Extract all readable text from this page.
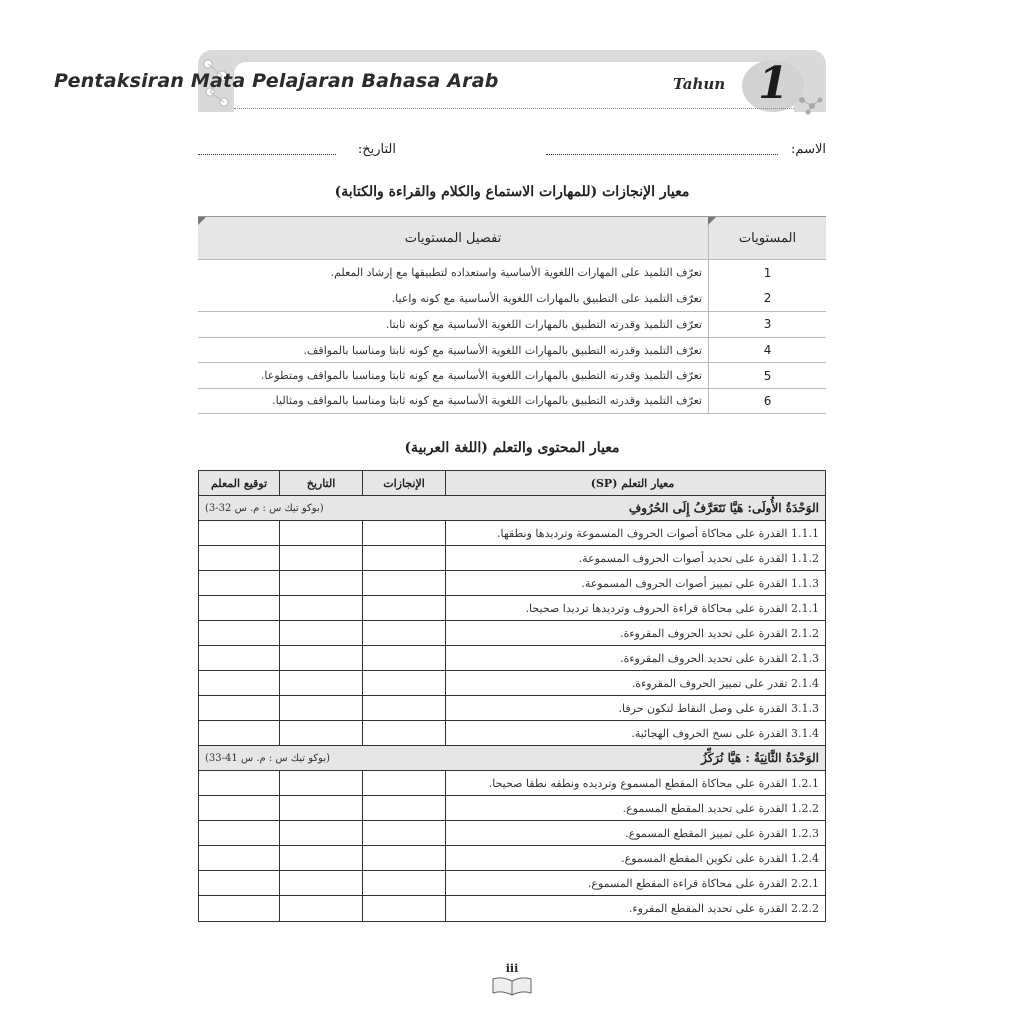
Pentaksiran Mata Pelajaran Bahasa Arab	Tahun 1
الاسم:
التاريخ:
معيار الإنجازات (للمهارات الاستماع والكلام والقراءة والكتابة)
المستويات
تفصيل المستويات
1
تعرّف التلميذ على المهارات اللغوية الأساسية واستعداده لتطبيقها مع إرشاد المعلم.
2
تعرّف التلميذ على التطبيق بالمهارات اللغوية الأساسية مع كونه واعيا.
3
تعرّف التلميذ وقدرته التطبيق بالمهارات اللغوية الأساسية مع كونه ثابتا.
4
تعرّف التلميذ وقدرته التطبيق بالمهارات اللغوية الأساسية مع كونه ثابتا ومناسبا بالمواقف.
5
تعرّف التلميذ وقدرته التطبيق بالمهارات اللغوية الأساسية مع كونه ثابتا ومناسبا بالمواقف ومتطوعا.
6
تعرّف التلميذ وقدرته التطبيق بالمهارات اللغوية الأساسية مع كونه ثابتا ومناسبا بالمواقف ومثاليا.
معيار المحتوى والتعلم (اللغة العربية)
معيار التعلم (SP)
الإنجازات
التاريخ
توقيع المعلم
الوَحْدَةُ الأُولَى: هَيَّا نَتَعَرَّفُ إِلَى الحُرُوفِ
(بوكو تيك س : م. س 32-3)
1.1.1 القدرة على محاكاة أصوات الحروف المسموعة وترديدها ونطقها.
1.1.2 القدرة على تحديد أصوات الحروف المسموعة.
1.1.3 القدرة على تمييز أصوات الحروف المسموعة.
2.1.1 القدرة على محاكاة قراءة الحروف وترديدها ترديدا صحيحا.
2.1.2 القدرة على تحديد الحروف المقروءة.
2.1.3 القدرة على تحديد الحروف المقروءة.
2.1.4 تقدر على تمييز الحروف المقروءة.
3.1.3 القدرة على وصل النقاط لتكون حرفا.
3.1.4 القدرة على نسخ الحروف الهجائية.
الوَحْدَةُ الثَّانِيَةُ : هَيَّا نُرَكِّزُ
(بوكو تيك س : م. س 41-33)
1.2.1 القدرة على محاكاة المقطع المسموع وترديده ونطقه نطقا صحيحا.
1.2.2 القدرة على تحديد المقطع المسموع.
1.2.3 القدرة على تمييز المقطع المسموع.
1.2.4 القدرة على تكوين المقطع المسموع.
2.2.1 القدرة على محاكاة قراءة المقطع المسموع.
2.2.2 القدرة على تحديد المقطع المقروء.
iii
